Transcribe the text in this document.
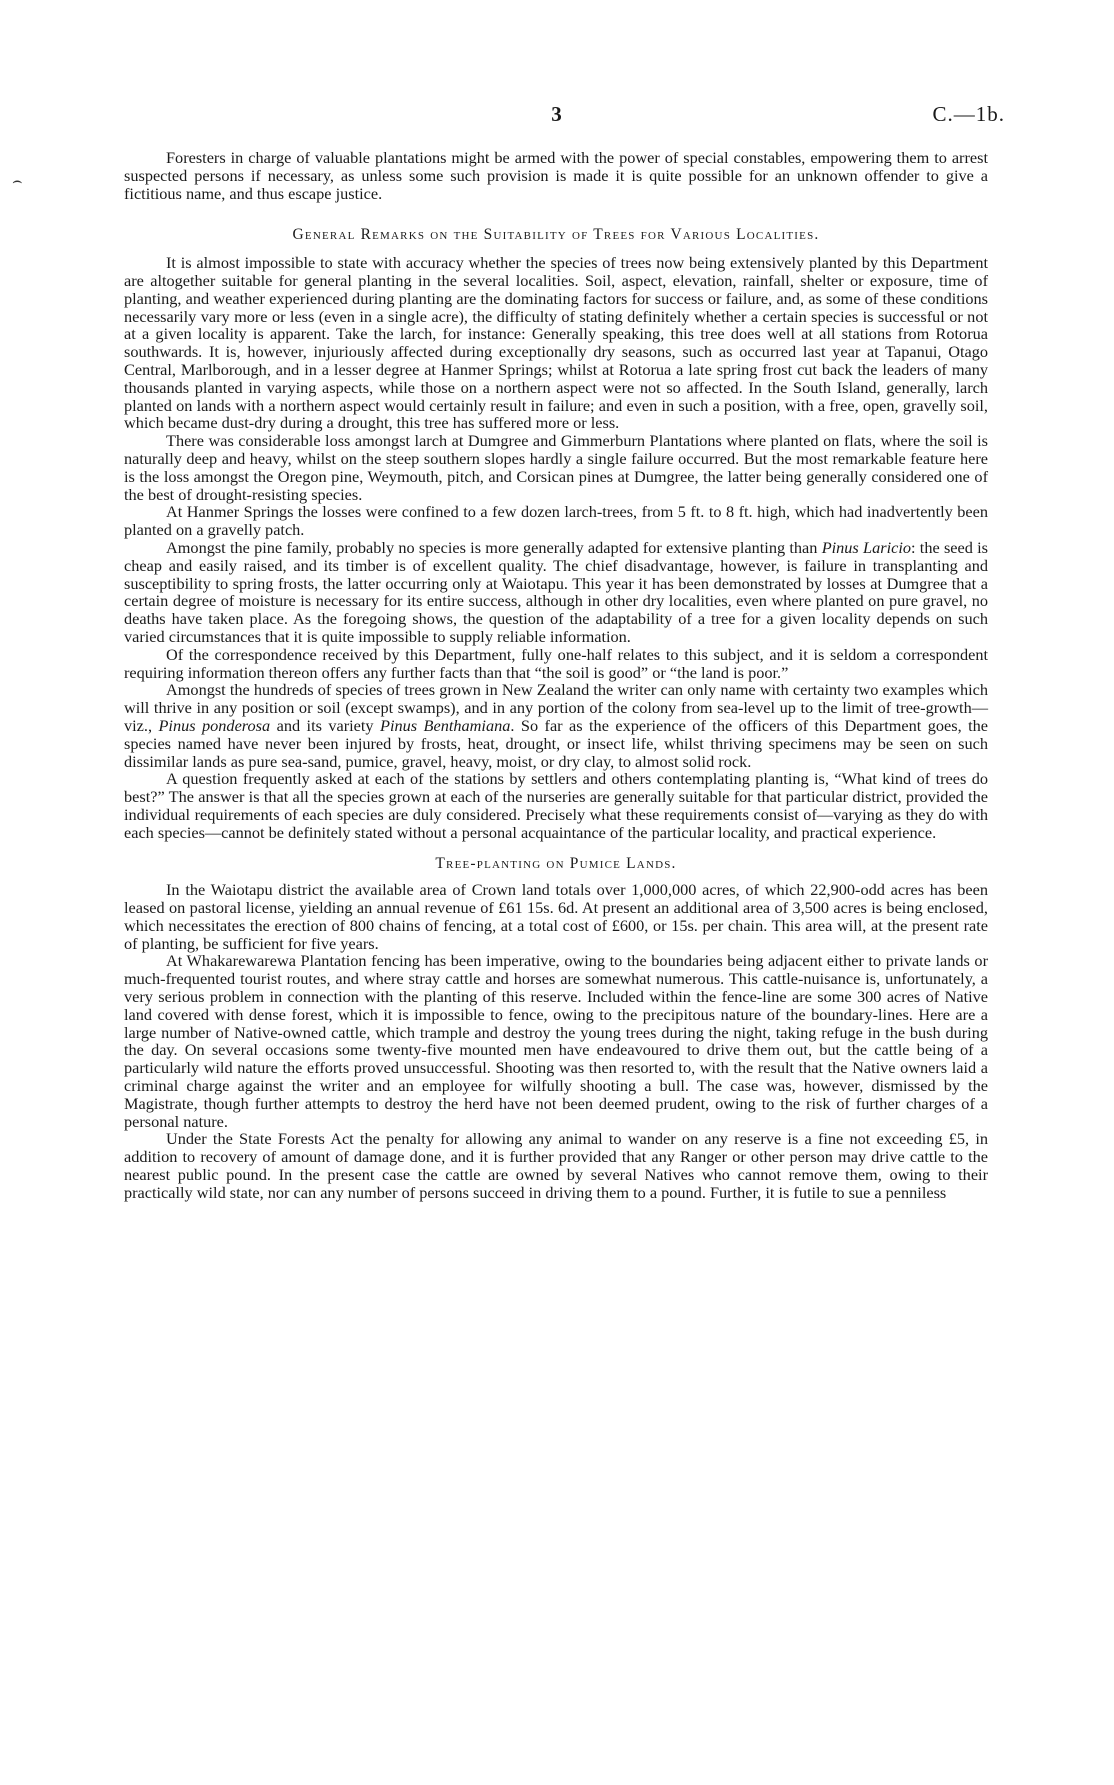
3	C.—1b.
⌢

Foresters in charge of valuable plantations might be armed with the power of special constables, empowering them to arrest suspected persons if necessary, as unless some such provision is made it is quite possible for an unknown offender to give a fictitious name, and thus escape justice.

General Remarks on the Suitability of Trees for Various Localities.

It is almost impossible to state with accuracy whether the species of trees now being extensively planted by this Department are altogether suitable for general planting in the several localities. Soil, aspect, elevation, rainfall, shelter or exposure, time of planting, and weather experienced during planting are the dominating factors for success or failure, and, as some of these conditions necessarily vary more or less (even in a single acre), the difficulty of stating definitely whether a certain species is successful or not at a given locality is apparent. Take the larch, for instance: Generally speaking, this tree does well at all stations from Rotorua southwards. It is, however, injuriously affected during exceptionally dry seasons, such as occurred last year at Tapanui, Otago Central, Marlborough, and in a lesser degree at Hanmer Springs; whilst at Rotorua a late spring frost cut back the leaders of many thousands planted in varying aspects, while those on a northern aspect were not so affected. In the South Island, generally, larch planted on lands with a northern aspect would certainly result in failure; and even in such a position, with a free, open, gravelly soil, which became dust-dry during a drought, this tree has suffered more or less.

There was considerable loss amongst larch at Dumgree and Gimmerburn Plantations where planted on flats, where the soil is naturally deep and heavy, whilst on the steep southern slopes hardly a single failure occurred. But the most remarkable feature here is the loss amongst the Oregon pine, Weymouth, pitch, and Corsican pines at Dumgree, the latter being generally considered one of the best of drought-resisting species.

At Hanmer Springs the losses were confined to a few dozen larch-trees, from 5 ft. to 8 ft. high, which had inadvertently been planted on a gravelly patch.

Amongst the pine family, probably no species is more generally adapted for extensive planting than Pinus Laricio: the seed is cheap and easily raised, and its timber is of excellent quality. The chief disadvantage, however, is failure in transplanting and susceptibility to spring frosts, the latter occurring only at Waiotapu. This year it has been demonstrated by losses at Dumgree that a certain degree of moisture is necessary for its entire success, although in other dry localities, even where planted on pure gravel, no deaths have taken place. As the foregoing shows, the question of the adaptability of a tree for a given locality depends on such varied circumstances that it is quite impossible to supply reliable information.

Of the correspondence received by this Department, fully one-half relates to this subject, and it is seldom a correspondent requiring information thereon offers any further facts than that “the soil is good” or “the land is poor.”

Amongst the hundreds of species of trees grown in New Zealand the writer can only name with certainty two examples which will thrive in any position or soil (except swamps), and in any portion of the colony from sea-level up to the limit of tree-growth—viz., Pinus ponderosa and its variety Pinus Benthamiana. So far as the experience of the officers of this Department goes, the species named have never been injured by frosts, heat, drought, or insect life, whilst thriving specimens may be seen on such dissimilar lands as pure sea-sand, pumice, gravel, heavy, moist, or dry clay, to almost solid rock.

A question frequently asked at each of the stations by settlers and others contemplating planting is, “What kind of trees do best?” The answer is that all the species grown at each of the nurseries are generally suitable for that particular district, provided the individual requirements of each species are duly considered. Precisely what these requirements consist of—varying as they do with each species—cannot be definitely stated without a personal acquaintance of the particular locality, and practical experience.

Tree-planting on Pumice Lands.

In the Waiotapu district the available area of Crown land totals over 1,000,000 acres, of which 22,900-odd acres has been leased on pastoral license, yielding an annual revenue of £61 15s. 6d. At present an additional area of 3,500 acres is being enclosed, which necessitates the erection of 800 chains of fencing, at a total cost of £600, or 15s. per chain. This area will, at the present rate of planting, be sufficient for five years.

At Whakarewarewa Plantation fencing has been imperative, owing to the boundaries being adjacent either to private lands or much-frequented tourist routes, and where stray cattle and horses are somewhat numerous. This cattle-nuisance is, unfortunately, a very serious problem in connection with the planting of this reserve. Included within the fence-line are some 300 acres of Native land covered with dense forest, which it is impossible to fence, owing to the precipitous nature of the boundary-lines. Here are a large number of Native-owned cattle, which trample and destroy the young trees during the night, taking refuge in the bush during the day. On several occasions some twenty-five mounted men have endeavoured to drive them out, but the cattle being of a particularly wild nature the efforts proved unsuccessful. Shooting was then resorted to, with the result that the Native owners laid a criminal charge against the writer and an employee for wilfully shooting a bull. The case was, however, dismissed by the Magistrate, though further attempts to destroy the herd have not been deemed prudent, owing to the risk of further charges of a personal nature.

Under the State Forests Act the penalty for allowing any animal to wander on any reserve is a fine not exceeding £5, in addition to recovery of amount of damage done, and it is further provided that any Ranger or other person may drive cattle to the nearest public pound. In the present case the cattle are owned by several Natives who cannot remove them, owing to their practically wild state, nor can any number of persons succeed in driving them to a pound. Further, it is futile to sue a penniless
